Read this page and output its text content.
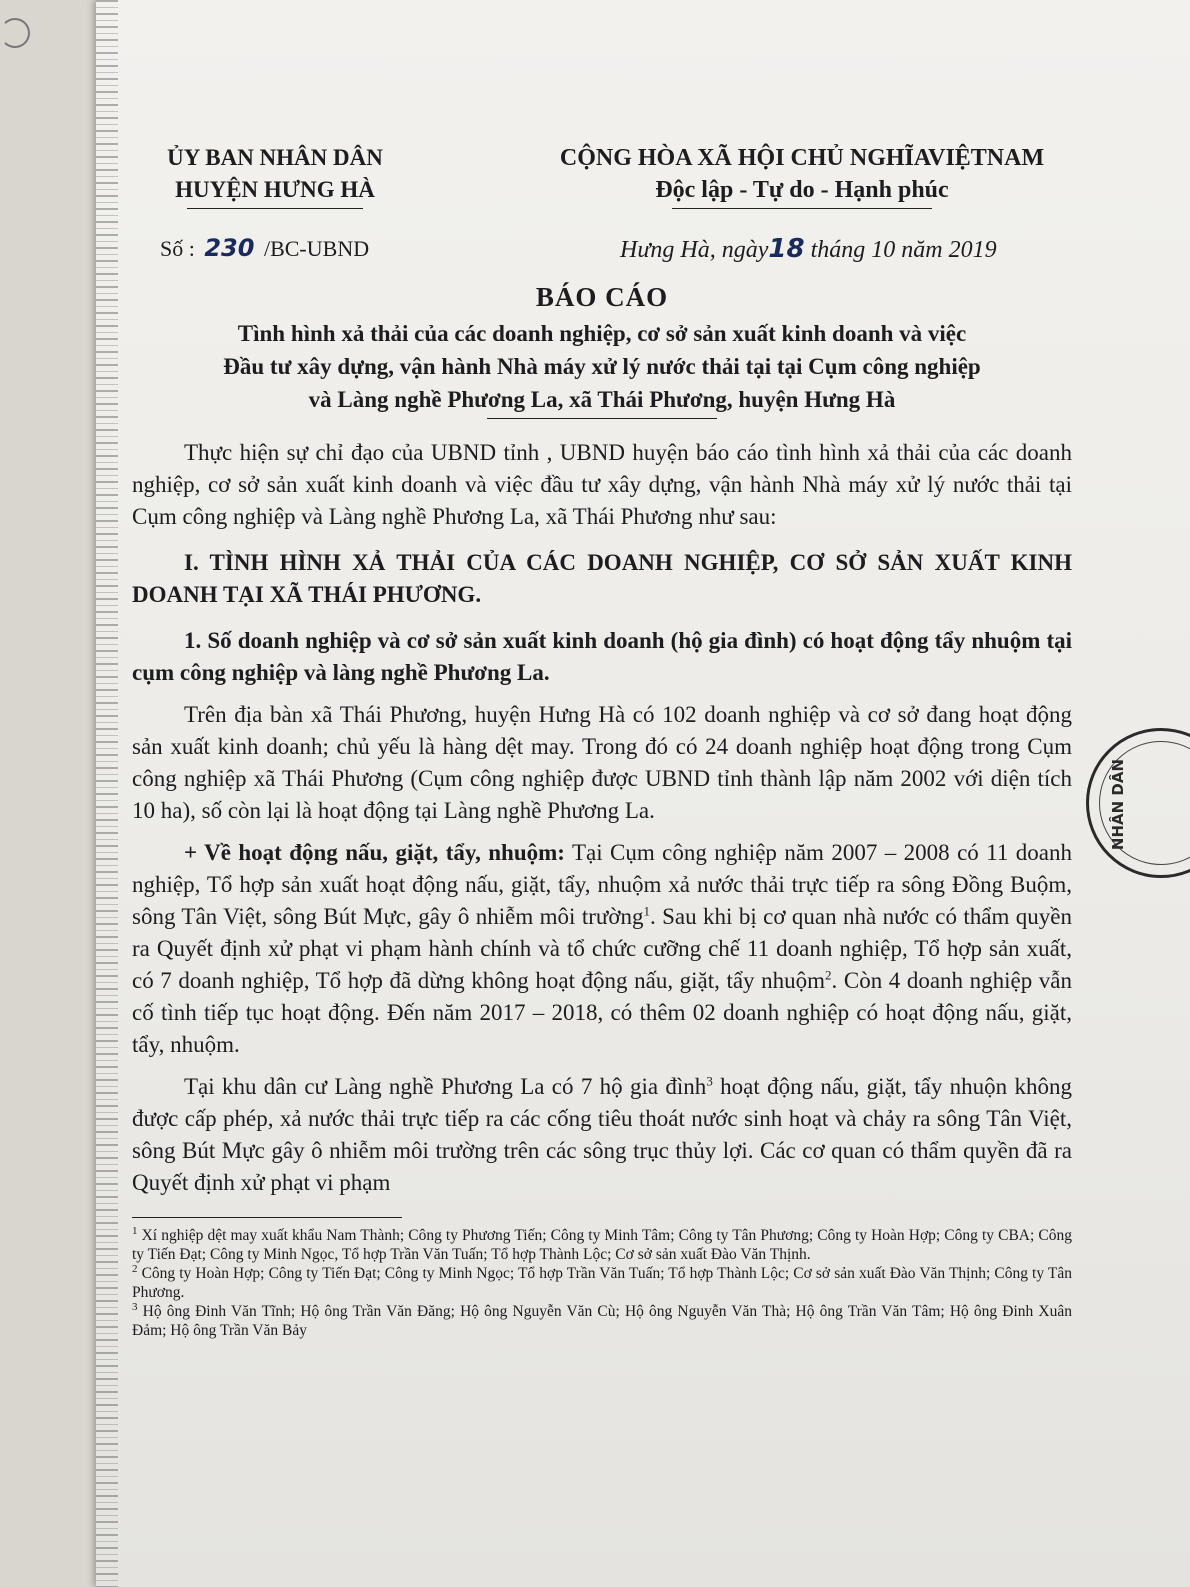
ỦY BAN NHÂN DÂN
HUYỆN HƯNG HÀ
CỘNG HÒA XÃ HỘI CHỦ NGHĨAVIỆTNAM
Độc lập - Tự do - Hạnh phúc
Số : 230 /BC-UBND	Hưng Hà, ngày18 tháng 10 năm 2019
BÁO CÁO
Tình hình xả thải của các doanh nghiệp, cơ sở sản xuất kinh doanh và việc
Đầu tư xây dựng, vận hành Nhà máy xử lý nước thải tại tại Cụm công nghiệp
và Làng nghề Phương La, xã Thái Phương, huyện Hưng Hà

Thực hiện sự chỉ đạo của UBND tỉnh , UBND huyện báo cáo tình hình xả thải của các doanh nghiệp, cơ sở sản xuất kinh doanh và việc đầu tư xây dựng, vận hành Nhà máy xử lý nước thải tại Cụm công nghiệp và Làng nghề Phương La, xã Thái Phương như sau:

I. TÌNH HÌNH XẢ THẢI CỦA CÁC DOANH NGHIỆP, CƠ SỞ SẢN XUẤT KINH DOANH TẠI XÃ THÁI PHƯƠNG.

1. Số doanh nghiệp và cơ sở sản xuất kinh doanh (hộ gia đình) có hoạt động tẩy nhuộm tại cụm công nghiệp và làng nghề Phương La.

Trên địa bàn xã Thái Phương, huyện Hưng Hà có 102 doanh nghiệp và cơ sở đang hoạt động sản xuất kinh doanh; chủ yếu là hàng dệt may. Trong đó có 24 doanh nghiệp hoạt động trong Cụm công nghiệp xã Thái Phương (Cụm công nghiệp được UBND tỉnh thành lập năm 2002 với diện tích 10 ha), số còn lại là hoạt động tại Làng nghề Phương La.

+ Về hoạt động nấu, giặt, tẩy, nhuộm: Tại Cụm công nghiệp năm 2007 – 2008 có 11 doanh nghiệp, Tổ hợp sản xuất hoạt động nấu, giặt, tẩy, nhuộm xả nước thải trực tiếp ra sông Đồng Buộm, sông Tân Việt, sông Bút Mực, gây ô nhiễm môi trường$^1$. Sau khi bị cơ quan nhà nước có thẩm quyền ra Quyết định xử phạt vi phạm hành chính và tổ chức cưỡng chế 11 doanh nghiệp, Tổ hợp sản xuất, có 7 doanh nghiệp, Tổ hợp đã dừng không hoạt động nấu, giặt, tẩy nhuộm$^2$. Còn 4 doanh nghiệp vẫn cố tình tiếp tục hoạt động. Đến năm 2017 – 2018, có thêm 02 doanh nghiệp có hoạt động nấu, giặt, tẩy, nhuộm.

Tại khu dân cư Làng nghề Phương La có 7 hộ gia đình$^3$ hoạt động nấu, giặt, tẩy nhuộn không được cấp phép, xả nước thải trực tiếp ra các cống tiêu thoát nước sinh hoạt và chảy ra sông Tân Việt, sông Bút Mực gây ô nhiễm môi trường trên các sông trục thủy lợi. Các cơ quan có thẩm quyền đã ra Quyết định xử phạt vi phạm

$^1$ Xí nghiệp dệt may xuất khẩu Nam Thành; Công ty Phương Tiến; Công ty Minh Tâm; Công ty Tân Phương; Công ty Hoàn Hợp; Công ty CBA; Công ty Tiến Đạt; Công ty Minh Ngọc, Tổ hợp Trần Văn Tuấn; Tổ hợp Thành Lộc; Cơ sở sản xuất Đào Văn Thịnh.
$^2$ Công ty Hoàn Hợp; Công ty Tiến Đạt; Công ty Minh Ngọc; Tổ hợp Trần Văn Tuấn; Tổ hợp Thành Lộc; Cơ sở sản xuất Đào Văn Thịnh; Công ty Tân Phương.
$^3$ Hộ ông Đinh Văn Tĩnh; Hộ ông Trần Văn Đăng; Hộ ông Nguyễn Văn Cù; Hộ ông Nguyễn Văn Thà; Hộ ông Trần Văn Tâm; Hộ ông Đinh Xuân Đảm; Hộ ông Trần Văn Bảy
NHÂN DÂN
